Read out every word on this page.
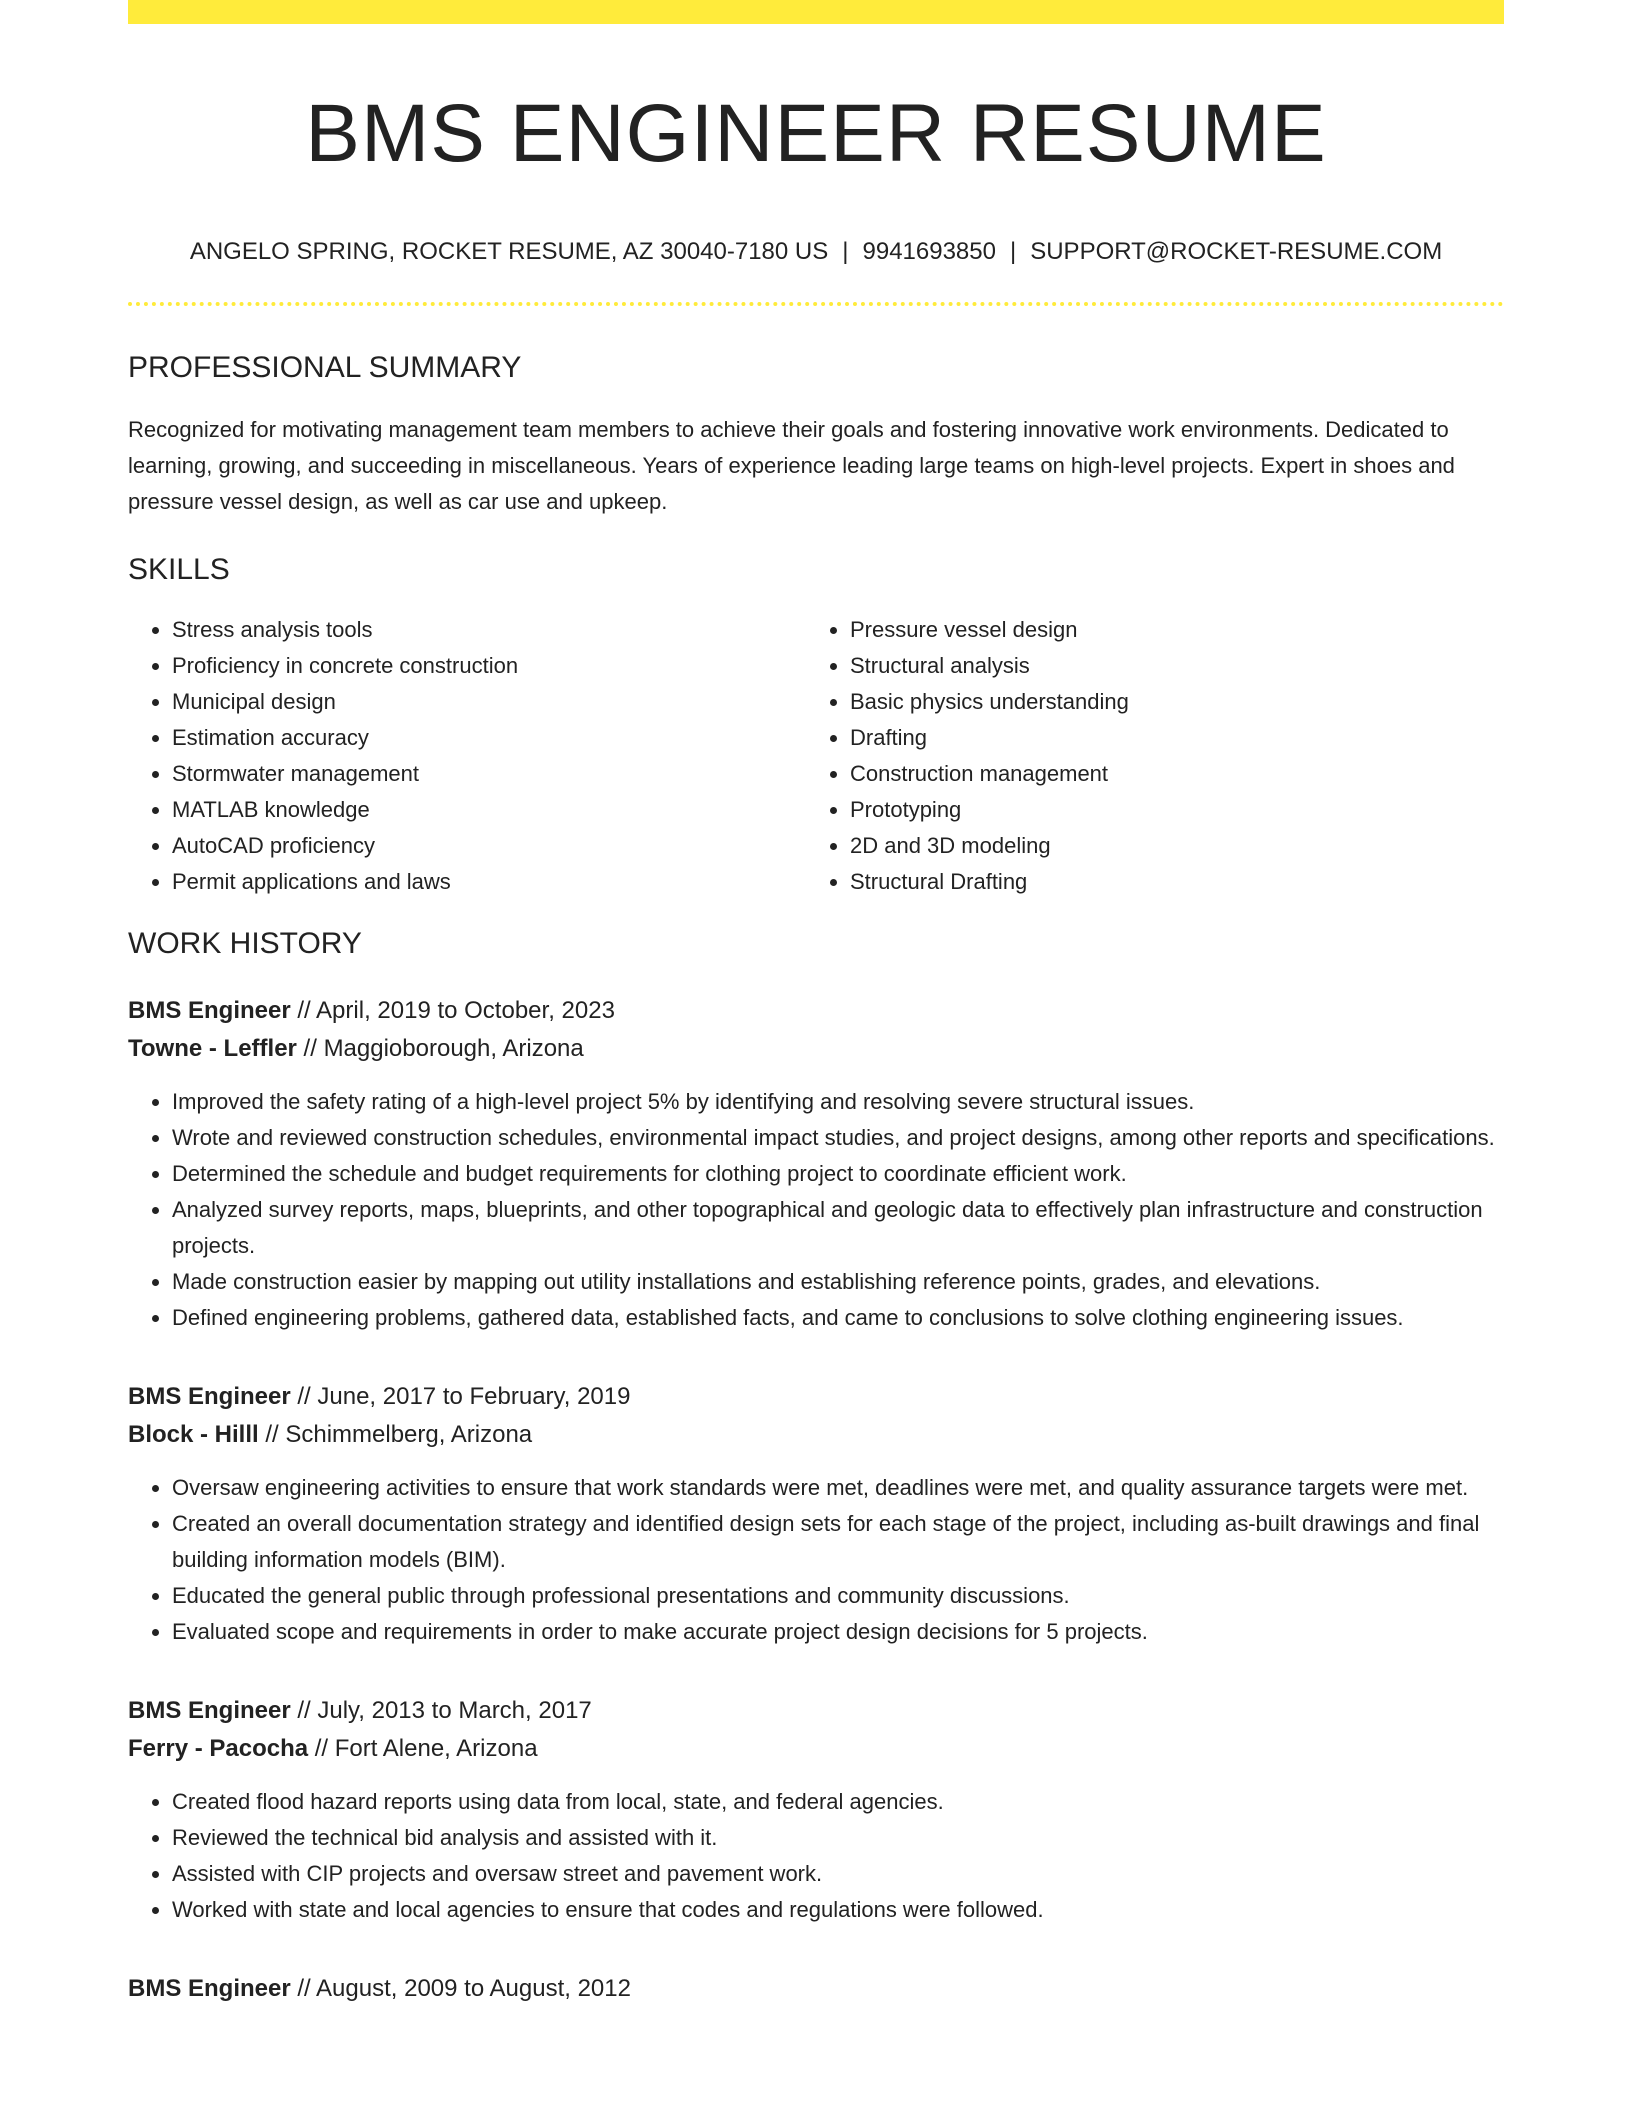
BMS ENGINEER RESUME
ANGELO SPRING, ROCKET RESUME, AZ 30040-7180 US | 9941693850 | SUPPORT@ROCKET-RESUME.COM
PROFESSIONAL SUMMARY

Recognized for motivating management team members to achieve their goals and fostering innovative work environments. Dedicated to learning, growing, and succeeding in miscellaneous. Years of experience leading large teams on high-level projects. Expert in shoes and pressure vessel design, as well as car use and upkeep.

SKILLS
• Stress analysis tools
• Proficiency in concrete construction
• Municipal design
• Estimation accuracy
• Stormwater management
• MATLAB knowledge
• AutoCAD proficiency
• Permit applications and laws
• Pressure vessel design
• Structural analysis
• Basic physics understanding
• Drafting
• Construction management
• Prototyping
• 2D and 3D modeling
• Structural Drafting
WORK HISTORY
BMS Engineer // April, 2019 to October, 2023
Towne - Leffler // Maggioborough, Arizona
• Improved the safety rating of a high-level project 5% by identifying and resolving severe structural issues.
• Wrote and reviewed construction schedules, environmental impact studies, and project designs, among other reports and specifications.
• Determined the schedule and budget requirements for clothing project to coordinate efficient work.
• Analyzed survey reports, maps, blueprints, and other topographical and geologic data to effectively plan infrastructure and construction projects.
• Made construction easier by mapping out utility installations and establishing reference points, grades, and elevations.
• Defined engineering problems, gathered data, established facts, and came to conclusions to solve clothing engineering issues.
BMS Engineer // June, 2017 to February, 2019
Block - Hilll // Schimmelberg, Arizona
• Oversaw engineering activities to ensure that work standards were met, deadlines were met, and quality assurance targets were met.
• Created an overall documentation strategy and identified design sets for each stage of the project, including as-built drawings and final building information models (BIM).
• Educated the general public through professional presentations and community discussions.
• Evaluated scope and requirements in order to make accurate project design decisions for 5 projects.
BMS Engineer // July, 2013 to March, 2017
Ferry - Pacocha // Fort Alene, Arizona
• Created flood hazard reports using data from local, state, and federal agencies.
• Reviewed the technical bid analysis and assisted with it.
• Assisted with CIP projects and oversaw street and pavement work.
• Worked with state and local agencies to ensure that codes and regulations were followed.
BMS Engineer // August, 2009 to August, 2012
